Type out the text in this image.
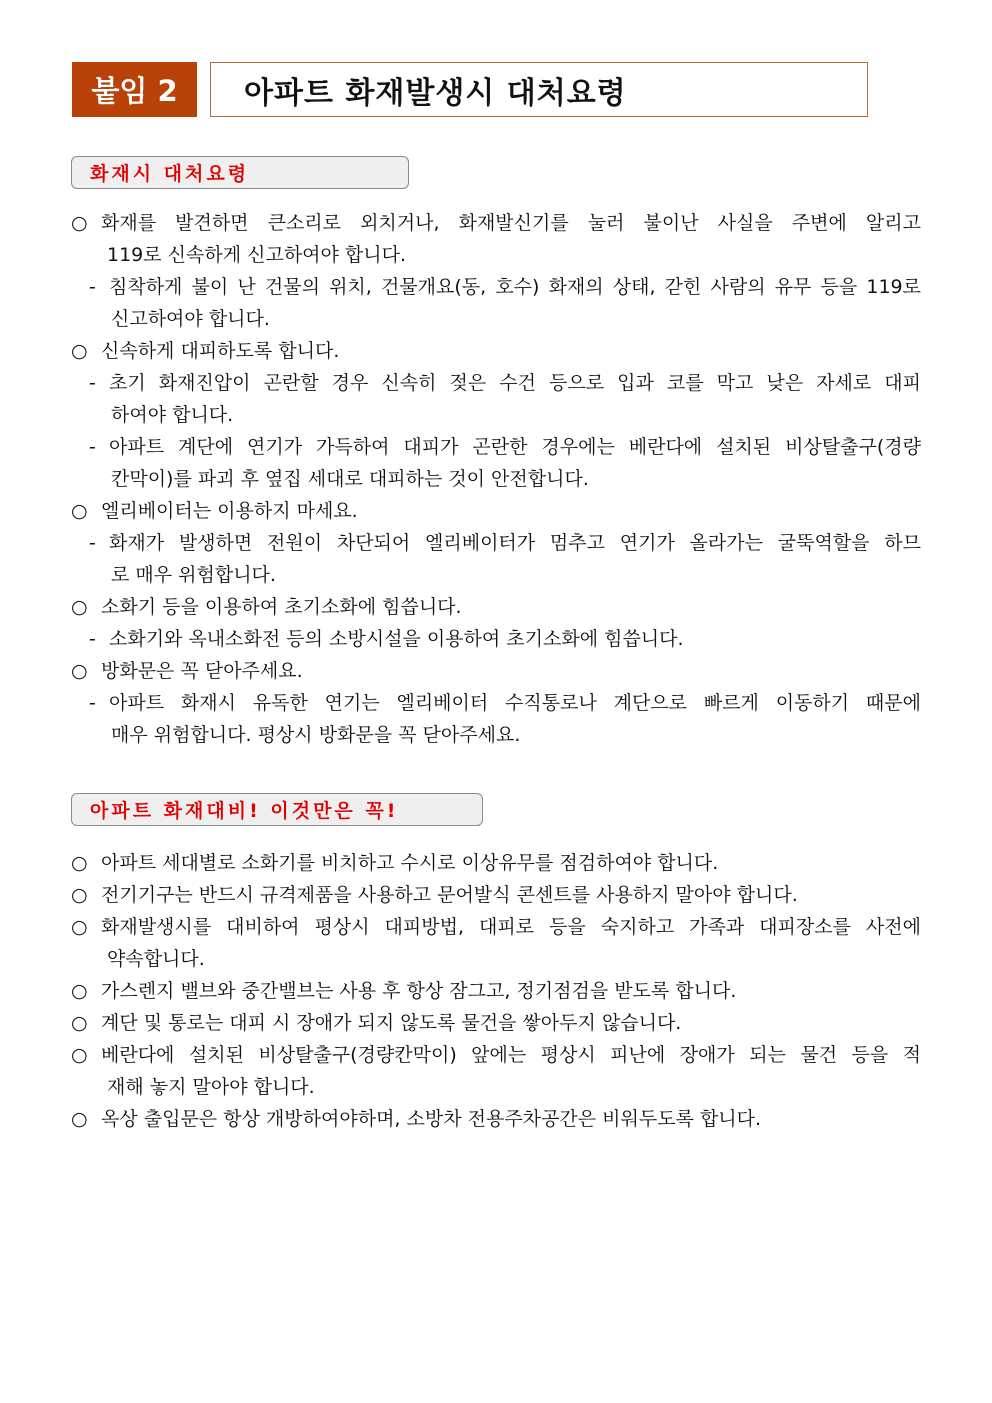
붙임 2	아파트 화재발생시 대처요령
화재시 대처요령
○ 화재를 발견하면 큰소리로 외치거나, 화재발신기를 눌러 불이난 사실을 주변에 알리고
119로 신속하게 신고하여야 합니다.
- 침착하게 불이 난 건물의 위치, 건물개요(동, 호수) 화재의 상태, 갇힌 사람의 유무 등을 119로
신고하여야 합니다.
○ 신속하게 대피하도록 합니다.
- 초기 화재진압이 곤란할 경우 신속히 젖은 수건 등으로 입과 코를 막고 낮은 자세로 대피
하여야 합니다.
- 아파트 계단에 연기가 가득하여 대피가 곤란한 경우에는 베란다에 설치된 비상탈출구(경량
칸막이)를 파괴 후 옆집 세대로 대피하는 것이 안전합니다.
○ 엘리베이터는 이용하지 마세요.
- 화재가 발생하면 전원이 차단되어 엘리베이터가 멈추고 연기가 올라가는 굴뚝역할을 하므
로 매우 위험합니다.
○ 소화기 등을 이용하여 초기소화에 힘씁니다.
- 소화기와 옥내소화전 등의 소방시설을 이용하여 초기소화에 힘씁니다.
○ 방화문은 꼭 닫아주세요.
- 아파트 화재시 유독한 연기는 엘리베이터 수직통로나 계단으로 빠르게 이동하기 때문에
매우 위험합니다. 평상시 방화문을 꼭 닫아주세요.
아파트 화재대비! 이것만은 꼭!
○ 아파트 세대별로 소화기를 비치하고 수시로 이상유무를 점검하여야 합니다.
○ 전기기구는 반드시 규격제품을 사용하고 문어발식 콘센트를 사용하지 말아야 합니다.
○ 화재발생시를 대비하여 평상시 대피방법, 대피로 등을 숙지하고 가족과 대피장소를 사전에
약속합니다.
○ 가스렌지 밸브와 중간밸브는 사용 후 항상 잠그고, 정기점검을 받도록 합니다.
○ 계단 및 통로는 대피 시 장애가 되지 않도록 물건을 쌓아두지 않습니다.
○ 베란다에 설치된 비상탈출구(경량칸막이) 앞에는 평상시 피난에 장애가 되는 물건 등을 적
재해 놓지 말아야 합니다.
○ 옥상 출입문은 항상 개방하여야하며, 소방차 전용주차공간은 비워두도록 합니다.
